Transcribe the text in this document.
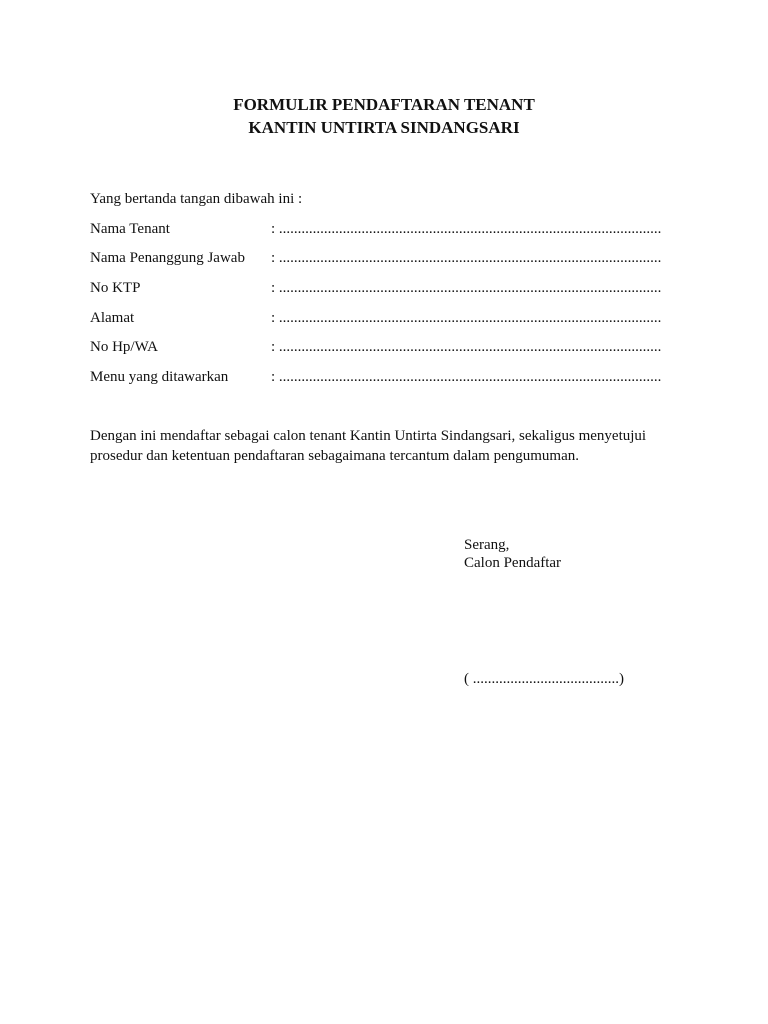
FORMULIR PENDAFTARAN TENANT
KANTIN UNTIRTA SINDANGSARI
Yang bertanda tangan dibawah ini :
Nama Tenant	: ......................................................................................................
Nama Penanggung Jawab : ......................................................................................................
No KTP	: ......................................................................................................
Alamat	: ......................................................................................................
No Hp/WA	: ......................................................................................................
Menu yang ditawarkan	: ......................................................................................................
Dengan ini mendaftar sebagai calon tenant Kantin Untirta Sindangsari, sekaligus menyetujui
prosedur dan ketentuan pendaftaran sebagaimana tercantum dalam pengumuman.
Serang,
Calon Pendaftar
( .......................................)
